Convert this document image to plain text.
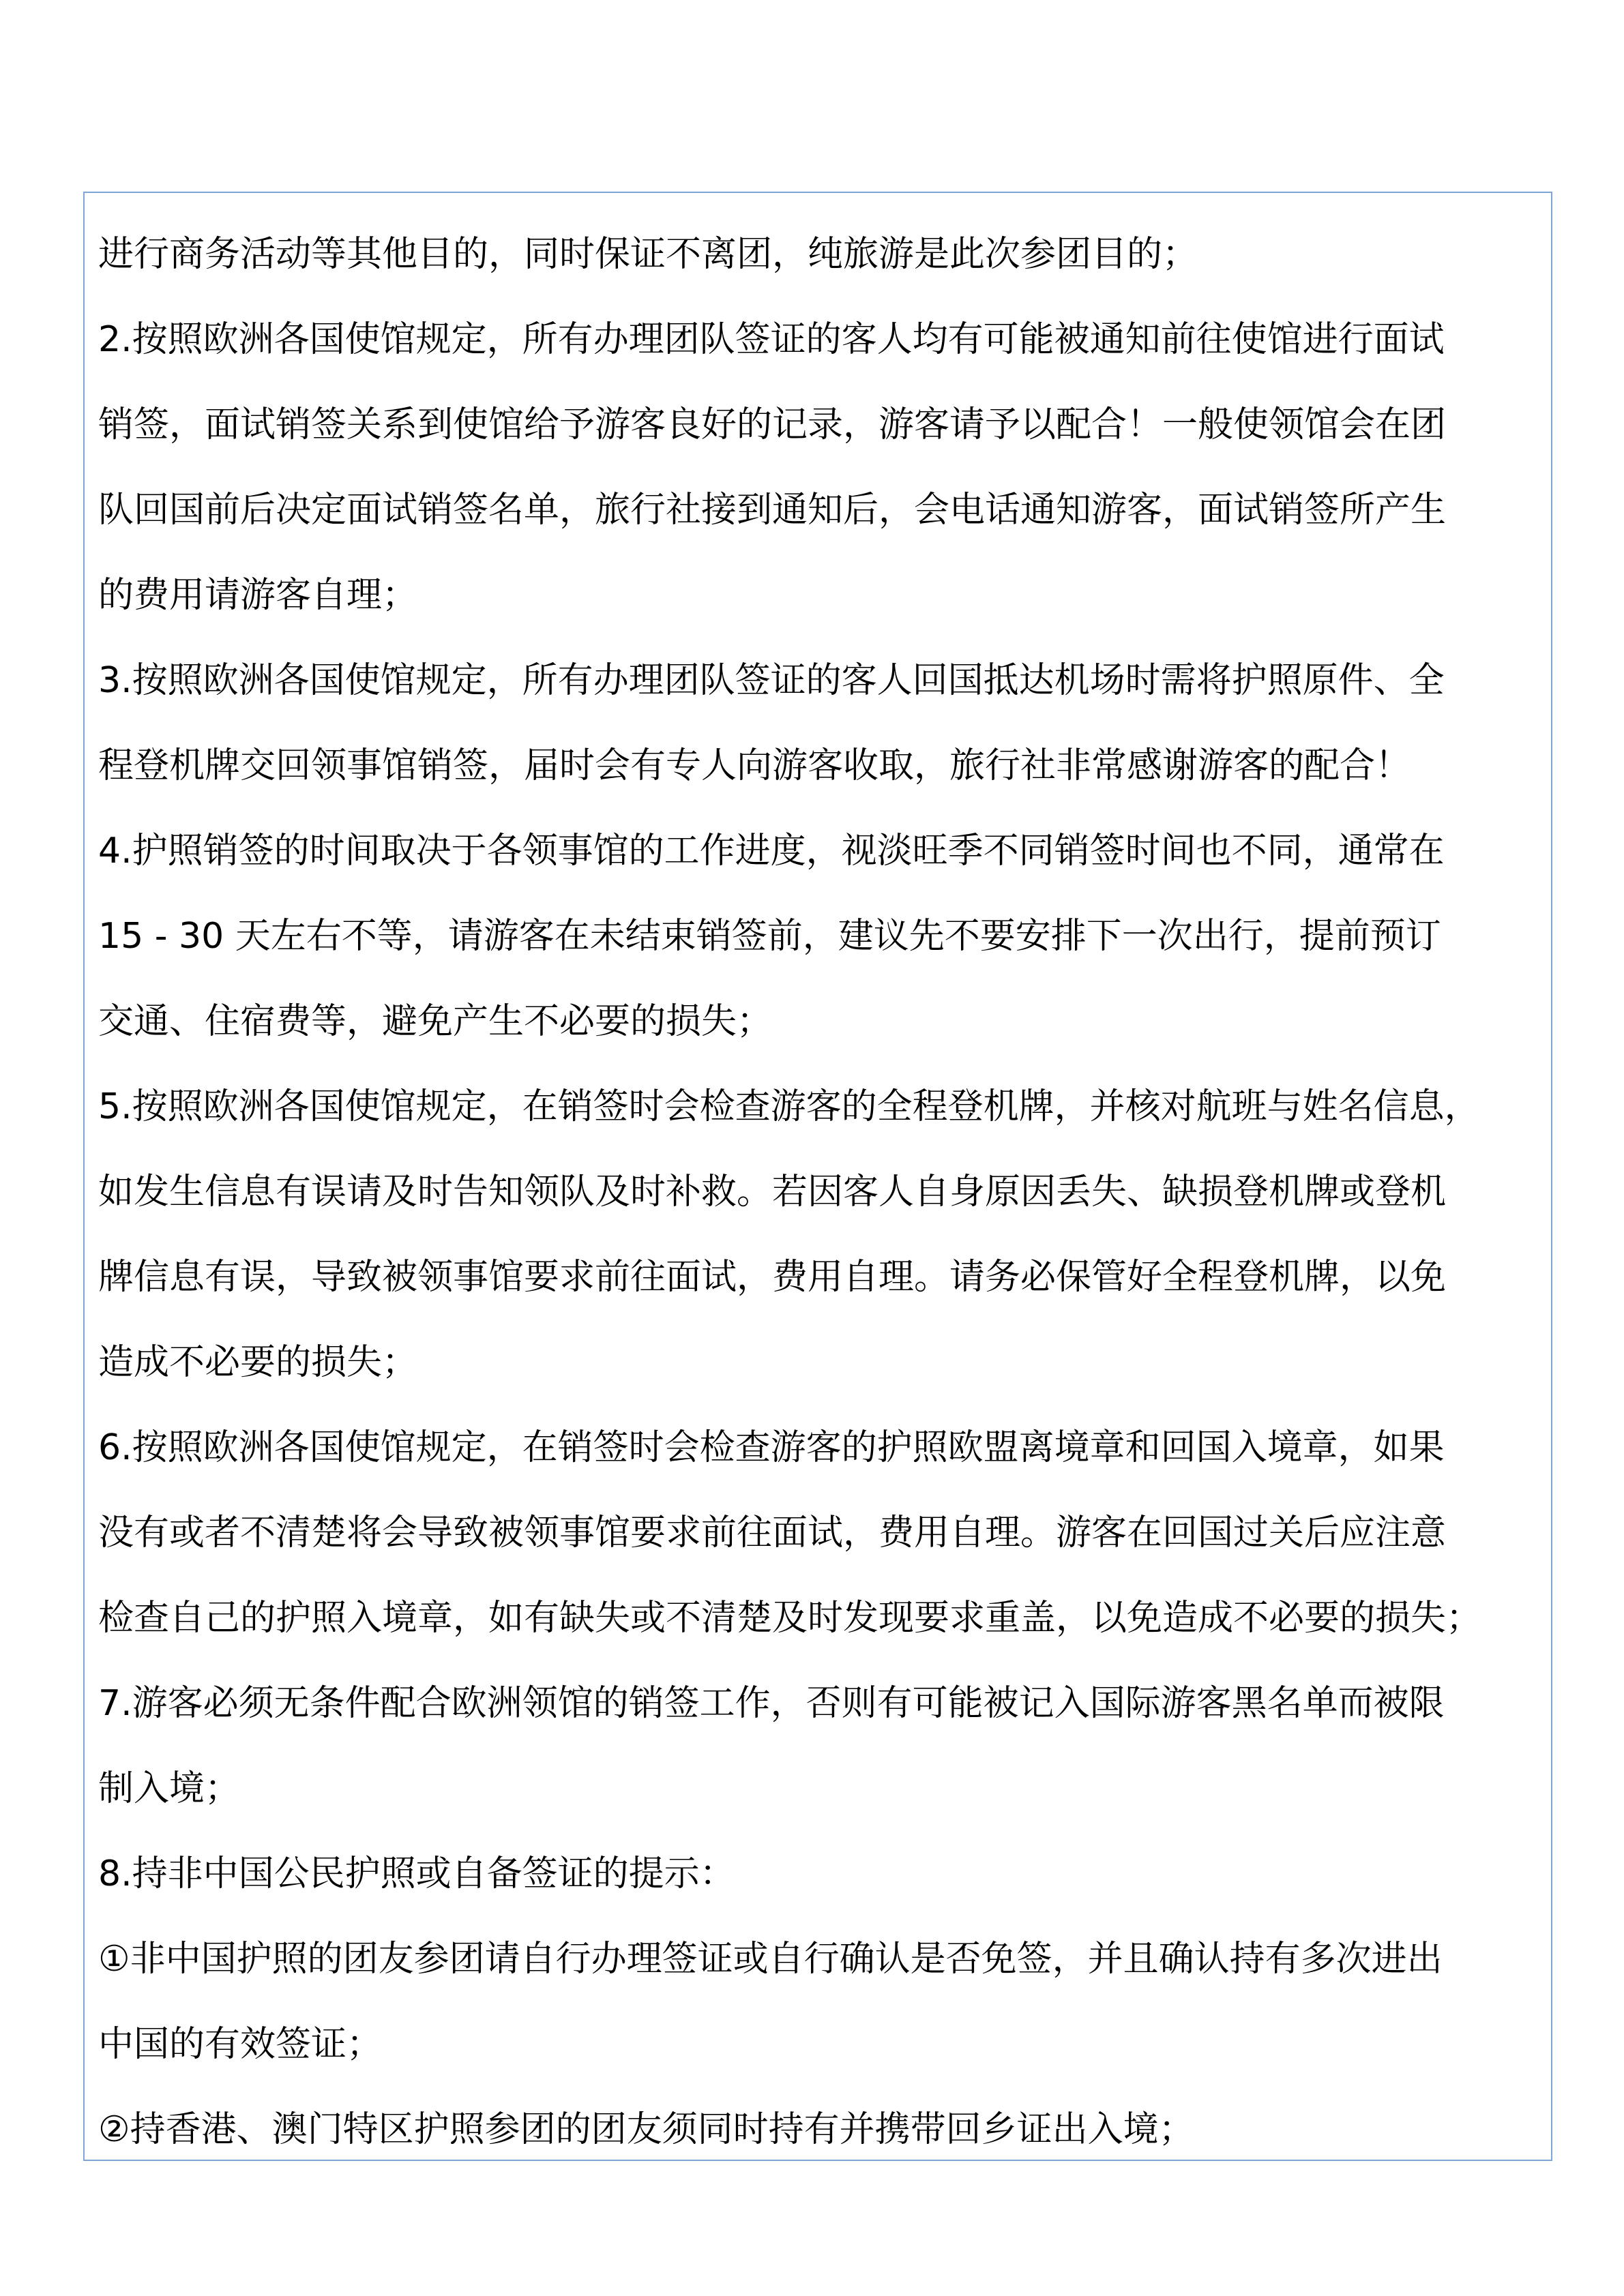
进行商务活动等其他目的，同时保证不离团，纯旅游是此次参团目的；

2.按照欧洲各国使馆规定，所有办理团队签证的客人均有可能被通知前往使馆进行面试
销签，面试销签关系到使馆给予游客良好的记录，游客请予以配合！一般使领馆会在团
队回国前后决定面试销签名单，旅行社接到通知后，会电话通知游客，面试销签所产生
的费用请游客自理；

3.按照欧洲各国使馆规定，所有办理团队签证的客人回国抵达机场时需将护照原件、全
程登机牌交回领事馆销签，届时会有专人向游客收取，旅行社非常感谢游客的配合！

4.护照销签的时间取决于各领事馆的工作进度，视淡旺季不同销签时间也不同，通常在
15 - 30 天左右不等，请游客在未结束销签前，建议先不要安排下一次出行，提前预订
交通、住宿费等，避免产生不必要的损失；

5.按照欧洲各国使馆规定，在销签时会检查游客的全程登机牌，并核对航班与姓名信息，
如发生信息有误请及时告知领队及时补救。若因客人自身原因丢失、缺损登机牌或登机
牌信息有误，导致被领事馆要求前往面试，费用自理。请务必保管好全程登机牌，以免
造成不必要的损失；

6.按照欧洲各国使馆规定，在销签时会检查游客的护照欧盟离境章和回国入境章，如果
没有或者不清楚将会导致被领事馆要求前往面试，费用自理。游客在回国过关后应注意
检查自己的护照入境章，如有缺失或不清楚及时发现要求重盖，以免造成不必要的损失；

7.游客必须无条件配合欧洲领馆的销签工作，否则有可能被记入国际游客黑名单而被限
制入境；

8.持非中国公民护照或自备签证的提示：

①非中国护照的团友参团请自行办理签证或自行确认是否免签，并且确认持有多次进出
中国的有效签证；

②持香港、澳门特区护照参团的团友须同时持有并携带回乡证出入境；
